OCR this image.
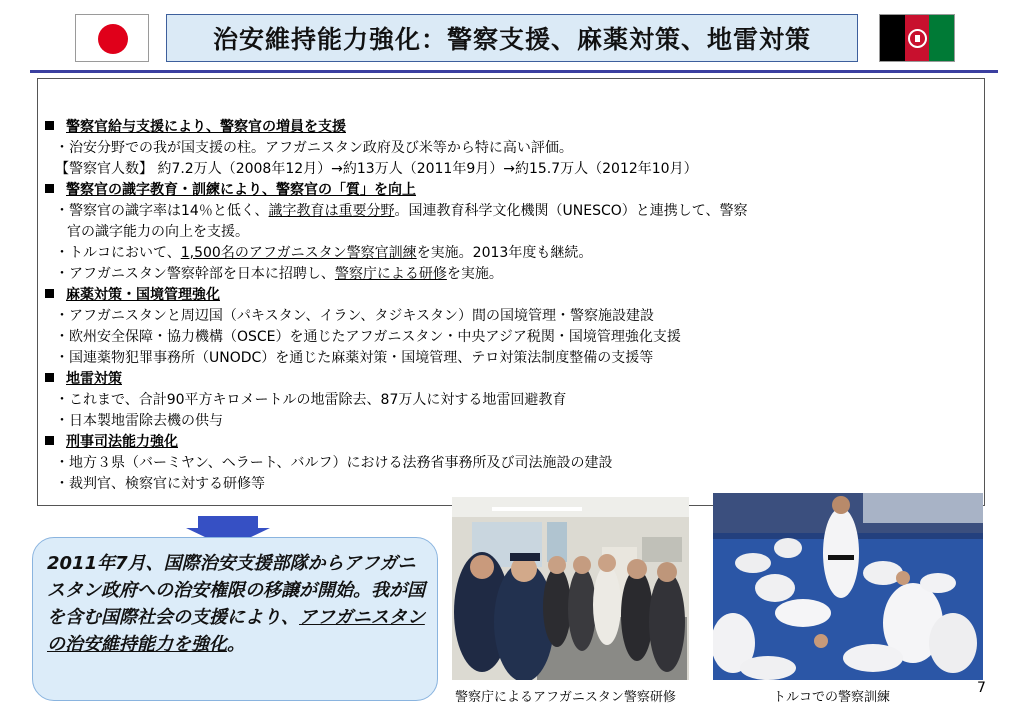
治安維持能力強化：警察支援、麻薬対策、地雷対策
警察官給与支援により、警察官の増員を支援
・治安分野での我が国支援の柱。アフガニスタン政府及び米等から特に高い評価。
【警察官人数】 約7.2万人（2008年12月）→約13万人（2011年9月）→約15.7万人（2012年10月）
警察官の識字教育・訓練により、警察官の「質」を向上
・警察官の識字率は14％と低く、識字教育は重要分野。国連教育科学文化機関（UNESCO）と連携して、警察
官の識字能力の向上を支援。
・トルコにおいて、1,500名のアフガニスタン警察官訓練を実施。2013年度も継続。
・アフガニスタン警察幹部を日本に招聘し、警察庁による研修を実施。
麻薬対策・国境管理強化
・アフガニスタンと周辺国（パキスタン、イラン、タジキスタン）間の国境管理・警察施設建設
・欧州安全保障・協力機構（OSCE）を通じたアフガニスタン・中央アジア税関・国境管理強化支援
・国連薬物犯罪事務所（UNODC）を通じた麻薬対策・国境管理、テロ対策法制度整備の支援等
地雷対策
・これまで、合計90平方キロメートルの地雷除去、87万人に対する地雷回避教育
・日本製地雷除去機の供与
刑事司法能力強化
・地方３県（バーミヤン、ヘラート、バルフ）における法務省事務所及び司法施設の建設
・裁判官、検察官に対する研修等

2011年7月、国際治安支援部隊からアフガニスタン政府への治安権限の移譲が開始。我が国を含む国際社会の支援により、アフガニスタンの治安維持能力を強化。

警察庁によるアフガニスタン警察研修	トルコでの警察訓練
7
